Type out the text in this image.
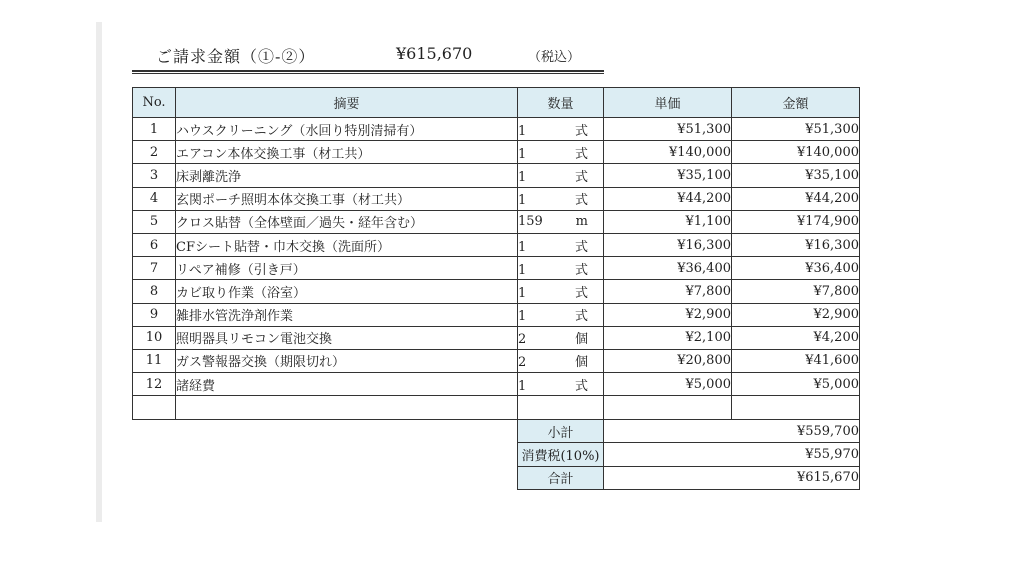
ご請求金額（①-②）	¥615,670	（税込）
No.	摘要	数量	単価	金額
1	ハウスクリーニング（水回り特別清掃有）	1 式	¥51,300	¥51,300
2	エアコン本体交換工事（材工共）	1 式	¥140,000	¥140,000
3	床剥離洗浄	1 式	¥35,100	¥35,100
4	玄関ポーチ照明本体交換工事（材工共）	1 式	¥44,200	¥44,200
5	クロス貼替（全体壁面／過失・経年含む）	159 m	¥1,100	¥174,900
6	CFシート貼替・巾木交換（洗面所）	1 式	¥16,300	¥16,300
7	リペア補修（引き戸）	1 式	¥36,400	¥36,400
8	カビ取り作業（浴室）	1 式	¥7,800	¥7,800
9	雑排水管洗浄剤作業	1 式	¥2,900	¥2,900
10	照明器具リモコン電池交換	2 個	¥2,100	¥4,200
11	ガス警報器交換（期限切れ）	2 個	¥20,800	¥41,600
12	諸経費	1 式	¥5,000	¥5,000

		小計	¥559,700	
		消費税(10%)	¥55,970	
		合計	¥615,670	
